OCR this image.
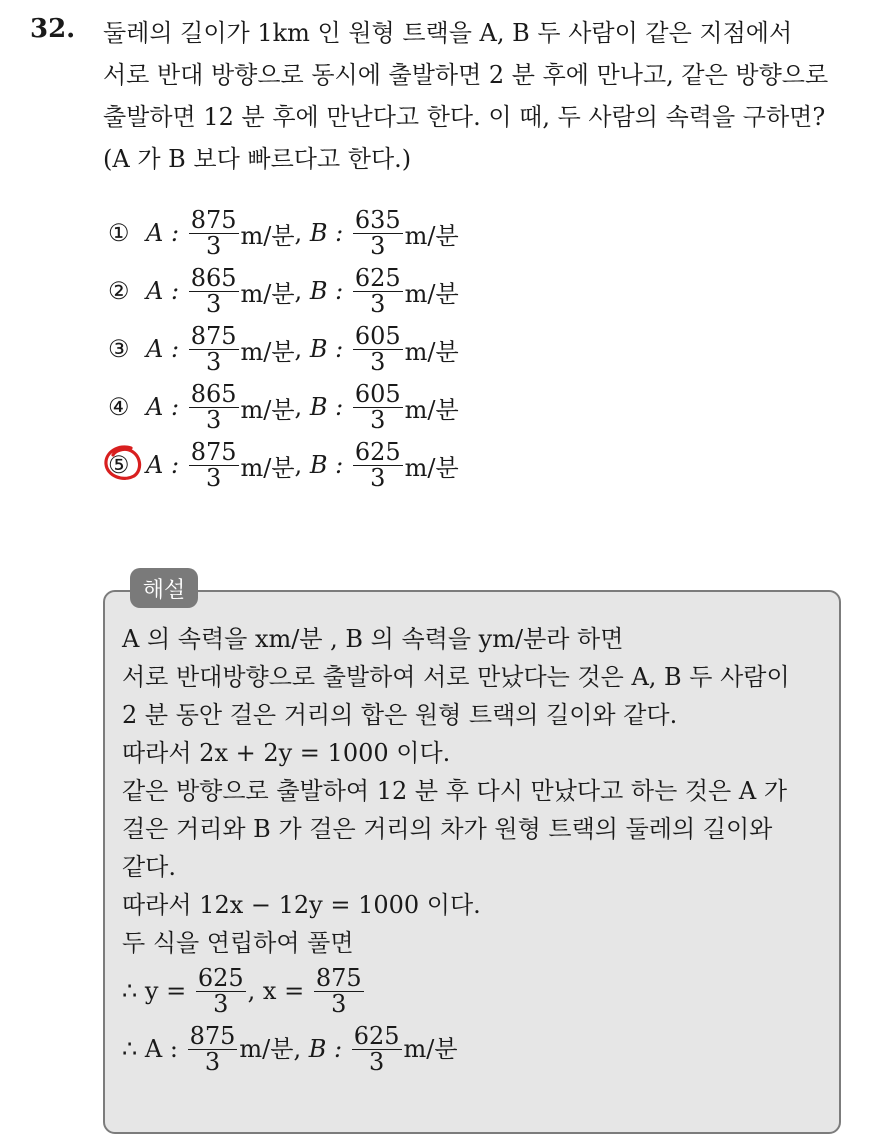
32. 둘레의 길이가 1km 인 원형 트랙을 A, B 두 사람이 같은 지점에서
서로 반대 방향으로 동시에 출발하면 2 분 후에 만나고, 같은 방향으로
출발하면 12 분 후에 만난다고 한다. 이 때, 두 사람의 속력을 구하면?
(A 가 B 보다 빠르다고 한다.)
① A :
$\frac{875}{3} m/$분 ,
B :
$\frac{635}{3} m/$분
② A :
$\frac{865}{3} m/$분 ,
B :
$\frac{625}{3} m/$분
③ A :
$\frac{875}{3} m/$분 ,
B :
$\frac{605}{3} m/$분
④ A :
$\frac{865}{3} m/$분 ,
B :
$\frac{605}{3} m/$분
⑤ A :
$\frac{875}{3} m/$분 ,
B :
$\frac{625}{3} m/$분
해설
A 의 속력을 xm/분 , B 의 속력을 ym/분라 하면
서로 반대방향으로 출발하여 서로 만났다는 것은 A, B 두 사람이
2 분 동안 걸은 거리의 합은 원형 트랙의 길이와 같다.
따라서 2x + 2y = 1000 이다.
같은 방향으로 출발하여 12 분 후 다시 만났다고 하는 것은 A 가
걸은 거리와 B 가 걸은 거리의 차가 원형 트랙의 둘레의 길이와
같다.
따라서 12x − 12y = 1000 이다.
두 식을 연립하여 풀면
∴ y =
$\frac{625}{3}$ , x =
$\frac{875}{3}$
∴ A :
$\frac{875}{3} m/$분 ,
B :
$\frac{625}{3} m/$분
